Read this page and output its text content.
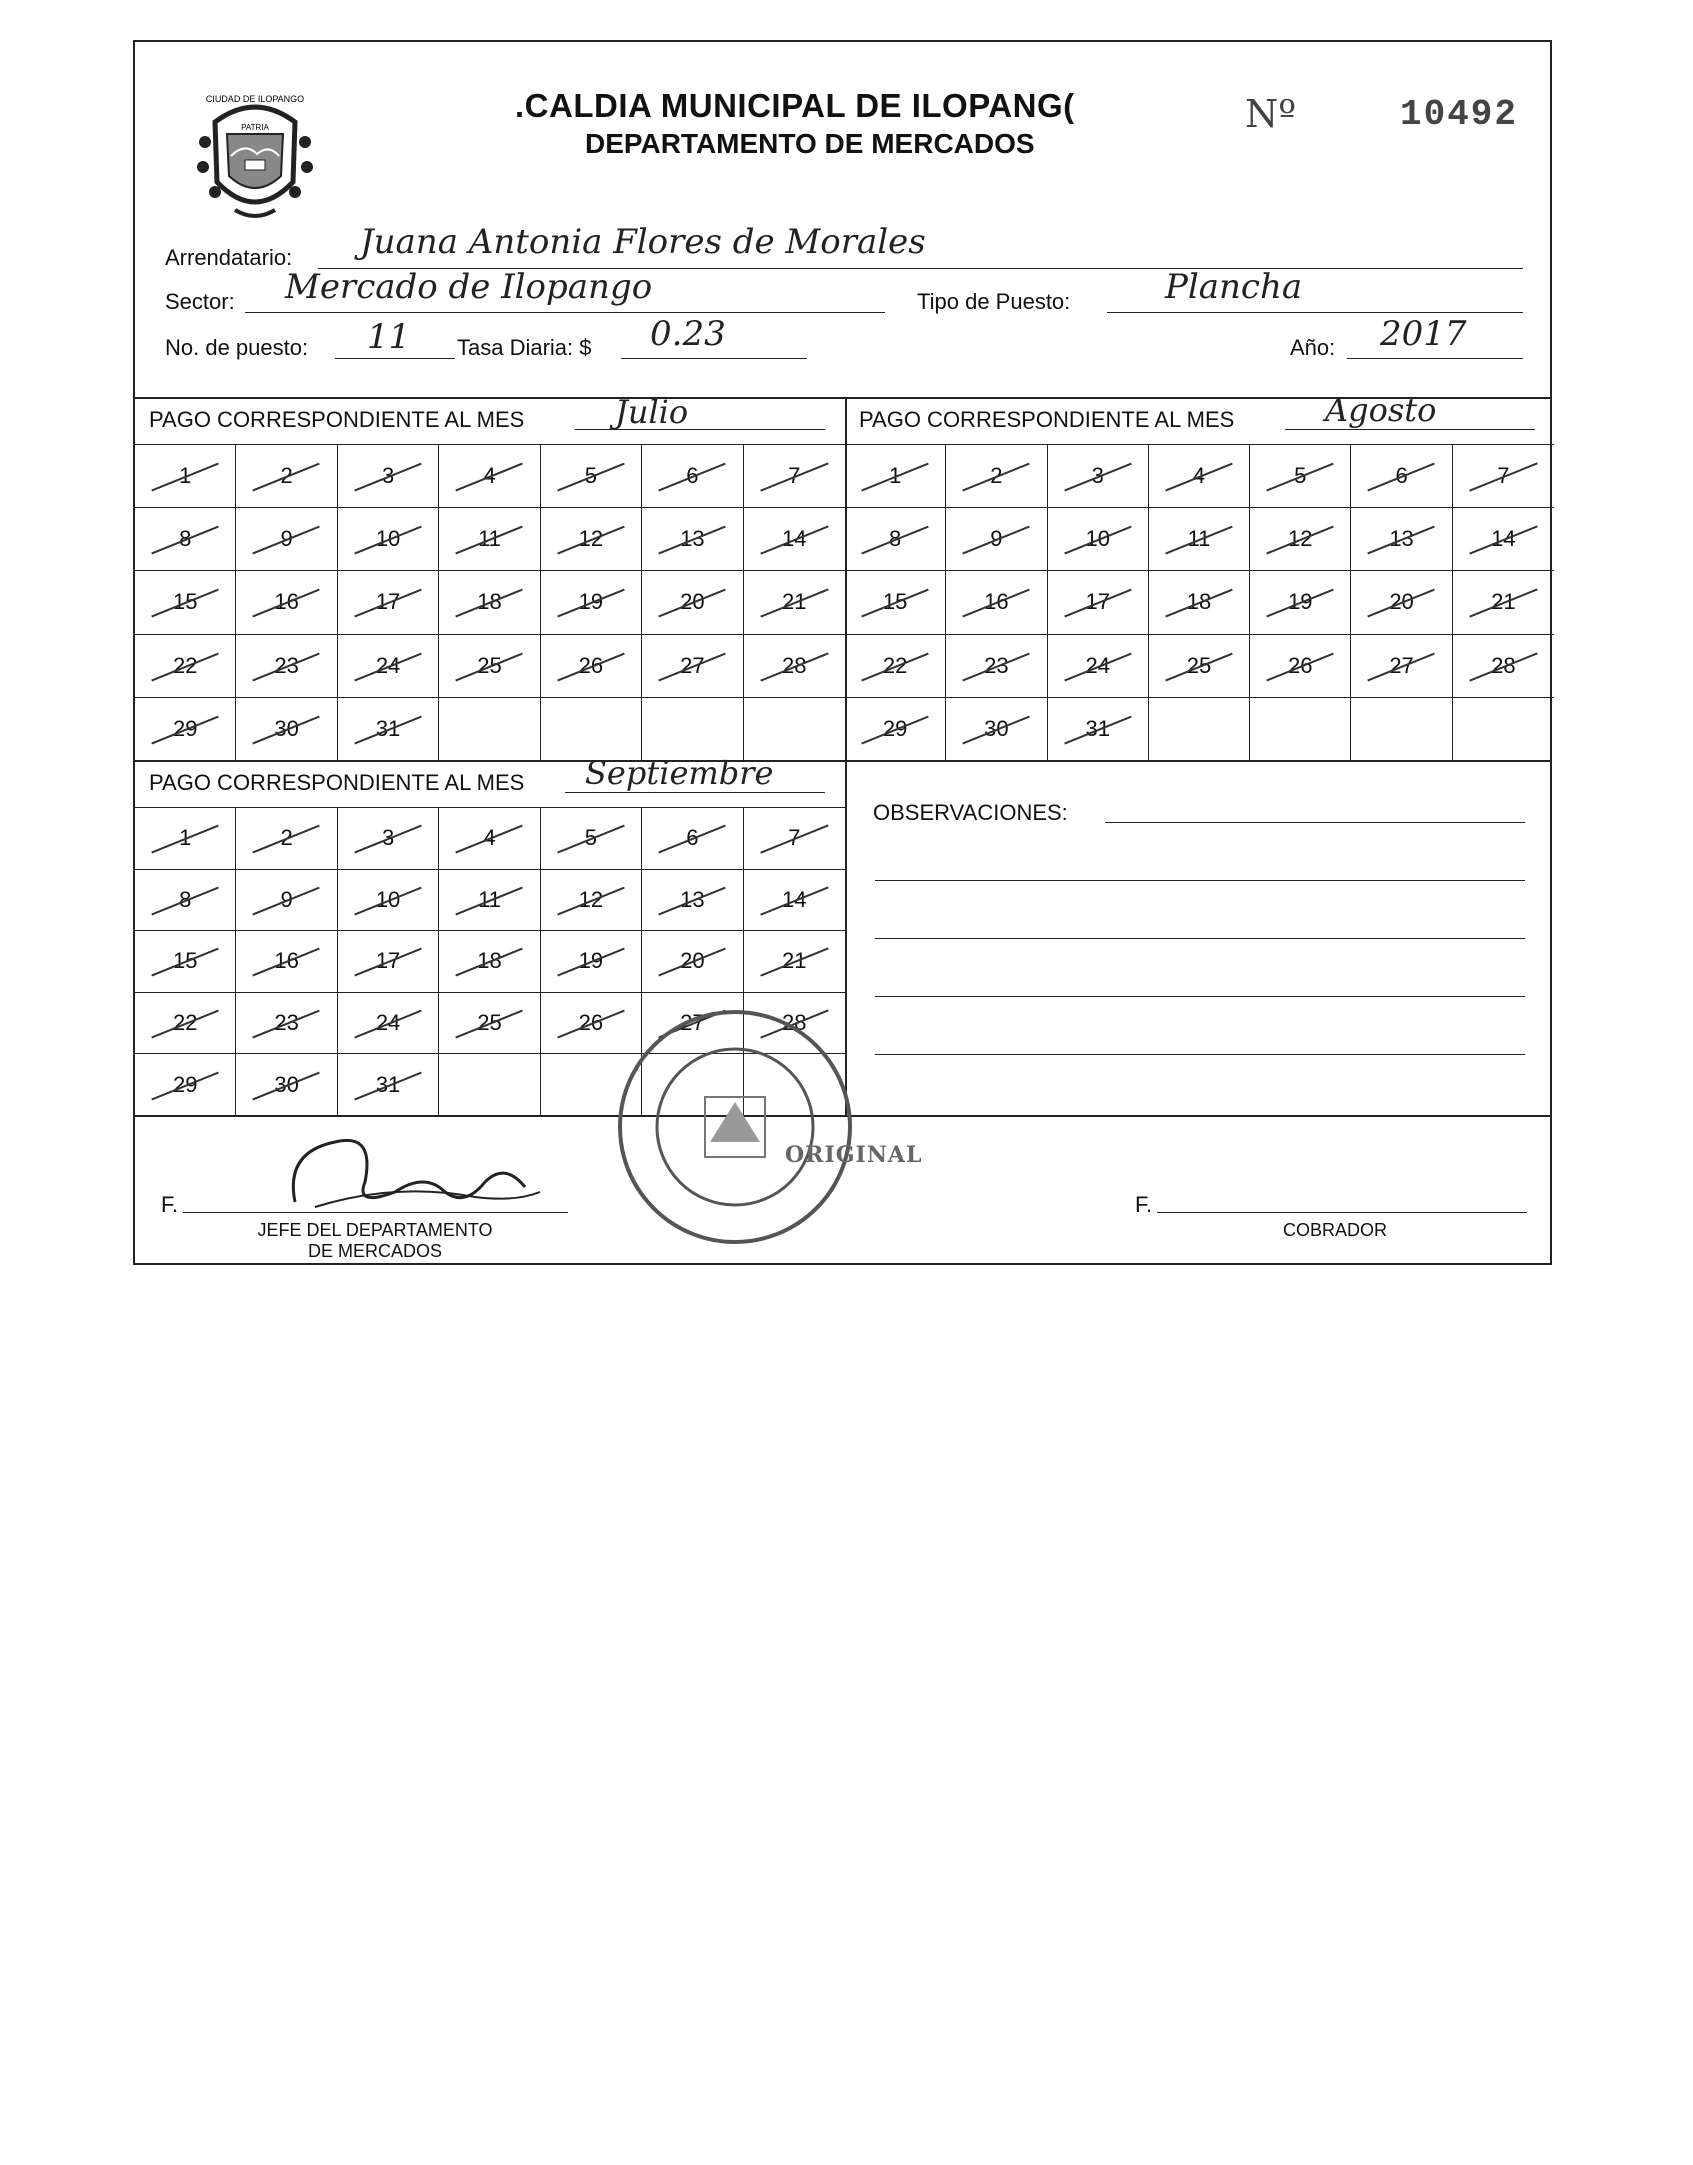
CIUDAD DE ILOPANGO
PATRIA
.CALDIA MUNICIPAL DE ILOPANG(
DEPARTAMENTO DE MERCADOS
Nº	10492
Arrendatario: Juana Antonia Flores de Morales
Sector: Mercado de Ilopango	Tipo de Puesto:	Plancha
No. de puesto: 11 Tasa Diaria: $ 0.23	Año: 2017
PAGO CORRESPONDIENTE AL MES	Julio
1	2	3	4	5	6	7
8	9	10	11	12	13	14
15	16	17	18	19	20	21
22	23	24	25	26	27	28
29	30	31
PAGO CORRESPONDIENTE AL MES	Agosto
1	2	3	4	5	6	7
8	9	10	11	12	13	14
15	16	17	18	19	20	21
22	23	24	25	26	27	28
29	30	31
PAGO CORRESPONDIENTE AL MES Septiembre
1	2	3	4	5	6	7
8	9	10	11	12	13	14
15	16	17	18	19	20	21
22	23	24	25	26	27	28
29	30	31
OBSERVACIONES:
ORIGINAL
F.
JEFE DEL DEPARTAMENTO
DE MERCADOS
F.
COBRADOR
